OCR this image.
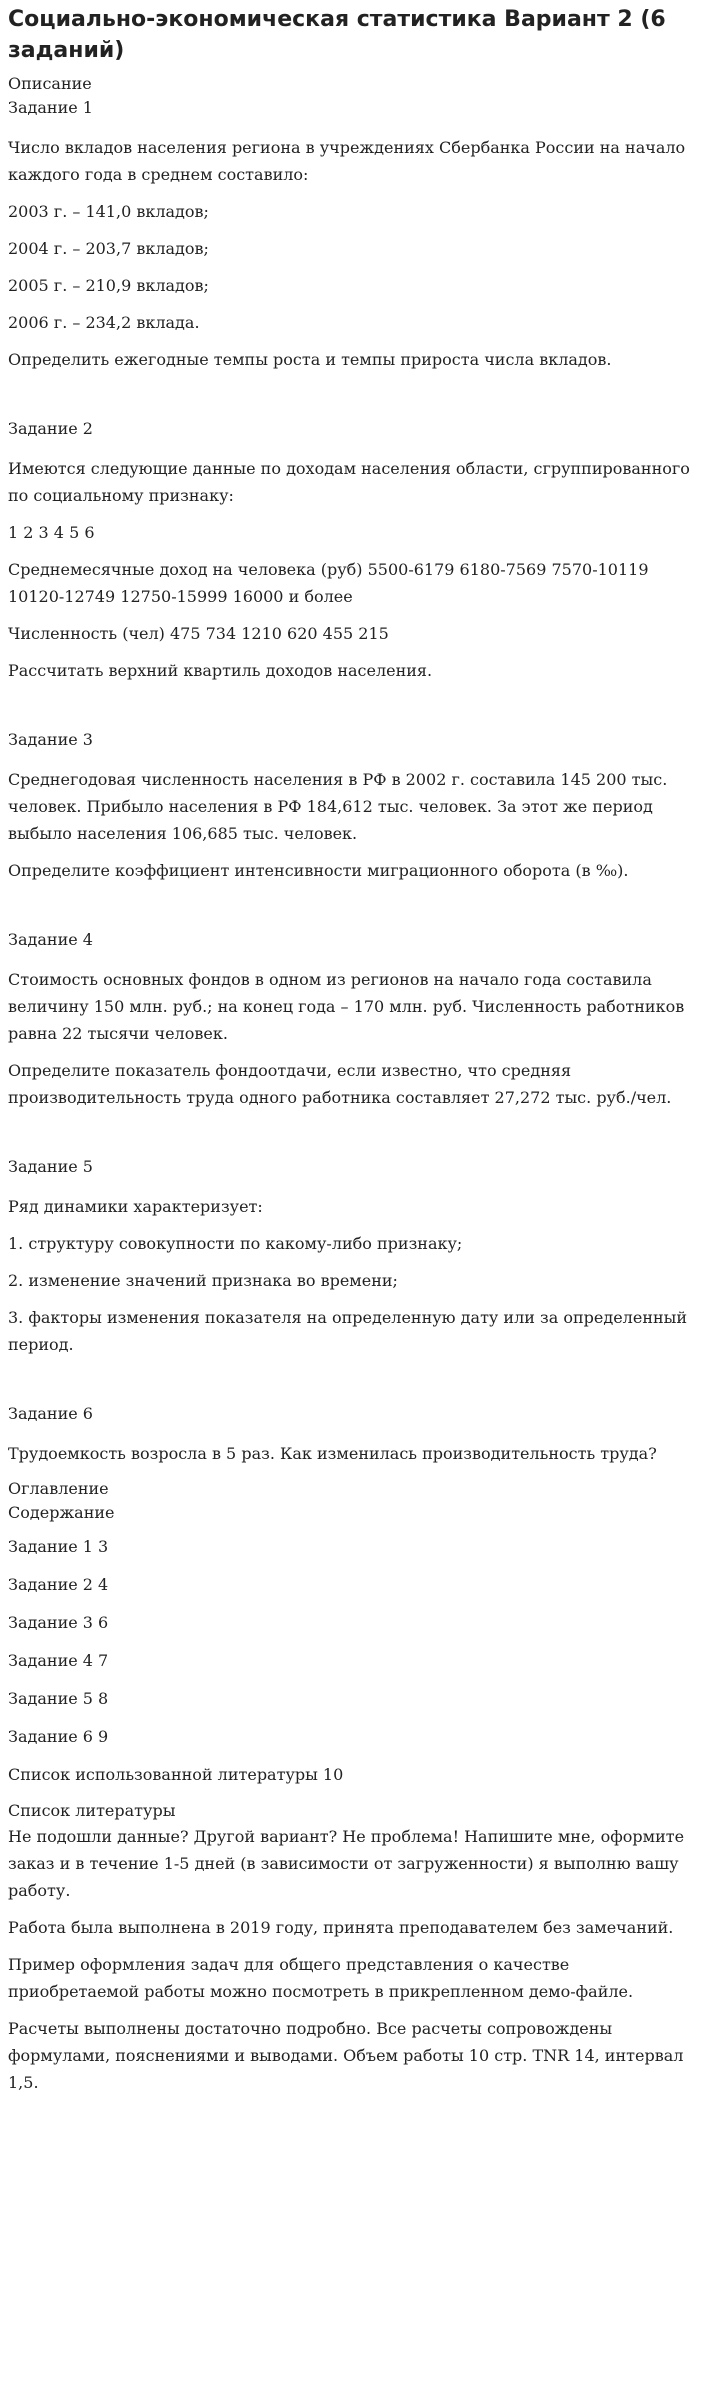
Социально-экономическая статистика Вариант 2 (6 заданий)
Описание
Задание 1

Число вкладов населения региона в учреждениях Сбербанка России на начало каждого года в среднем составило:

2003 г. – 141,0 вкладов;

2004 г. – 203,7 вкладов;

2005 г. – 210,9 вкладов;

2006 г. – 234,2 вклада.

Определить ежегодные темпы роста и темпы прироста числа вкладов.

Задание 2

Имеются следующие данные по доходам населения области, сгруппированного по социальному признаку:

1 2 3 4 5 6

Среднемесячные доход на человека (руб) 5500-6179 6180-7569 7570-10119 10120-12749 12750-15999 16000 и более

Численность (чел) 475 734 1210 620 455 215

Рассчитать верхний квартиль доходов населения.

Задание 3

Среднегодовая численность населения в РФ в 2002 г. составила 145 200 тыс. человек. Прибыло населения в РФ 184,612 тыс. человек. За этот же период выбыло населения 106,685 тыс. человек.

Определите коэффициент интенсивности миграционного оборота (в ‰).

Задание 4

Стоимость основных фондов в одном из регионов на начало года составила величину 150 млн. руб.; на конец года – 170 млн. руб. Численность работников равна 22 тысячи человек.

Определите показатель фондоотдачи, если известно, что средняя производительность труда одного работника составляет 27,272 тыс. руб./чел.

Задание 5

Ряд динамики характеризует:

1. структуру совокупности по какому-либо признаку;

2. изменение значений признака во времени;

3. факторы изменения показателя на определенную дату или за определенный период.

Задание 6

Трудоемкость возросла в 5 раз. Как изменилась производительность труда?

Оглавление
Содержание
Задание 1 3
Задание 2 4
Задание 3 6
Задание 4 7
Задание 5 8
Задание 6 9
Список использованной литературы 10
Список литературы

Не подошли данные? Другой вариант? Не проблема! Напишите мне, оформите заказ и в течение 1-5 дней (в зависимости от загруженности) я выполню вашу работу.

Работа была выполнена в 2019 году, принята преподавателем без замечаний.

Пример оформления задач для общего представления о качестве приобретаемой работы можно посмотреть в прикрепленном демо-файле.

Расчеты выполнены достаточно подробно. Все расчеты сопровождены формулами, пояснениями и выводами. Объем работы 10 стр. TNR 14, интервал 1,5.
